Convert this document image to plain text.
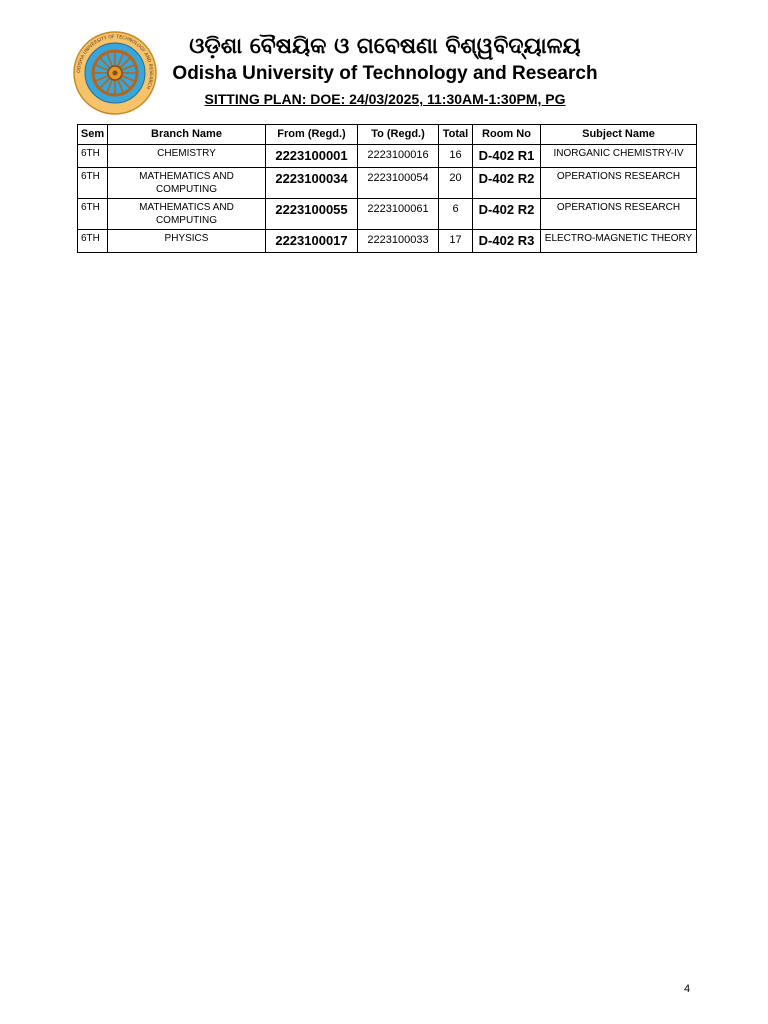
ODISHA UNIVERSITY OF TECHNOLOGY AND RESEARCH
ଓଡ଼ିଶା ବୈଷୟିକ ଓ ଗବେଷଣା ବିଶ୍ୱବିଦ୍ୟାଳୟ
Odisha University of Technology and Research
SITTING PLAN: DOE: 24/03/2025, 11:30AM-1:30PM, PG
Sem	Branch Name	From (Regd.)	To (Regd.)	Total	Room No	Subject Name
6TH	CHEMISTRY	2223100001	2223100016	16	D-402 R1	INORGANIC CHEMISTRY-IV
6TH	MATHEMATICS AND COMPUTING	2223100034	2223100054	20	D-402 R2	OPERATIONS RESEARCH
6TH	MATHEMATICS AND COMPUTING	2223100055	2223100061	6	D-402 R2	OPERATIONS RESEARCH
6TH	PHYSICS	2223100017	2223100033	17	D-402 R3	ELECTRO-MAGNETIC THEORY
4
